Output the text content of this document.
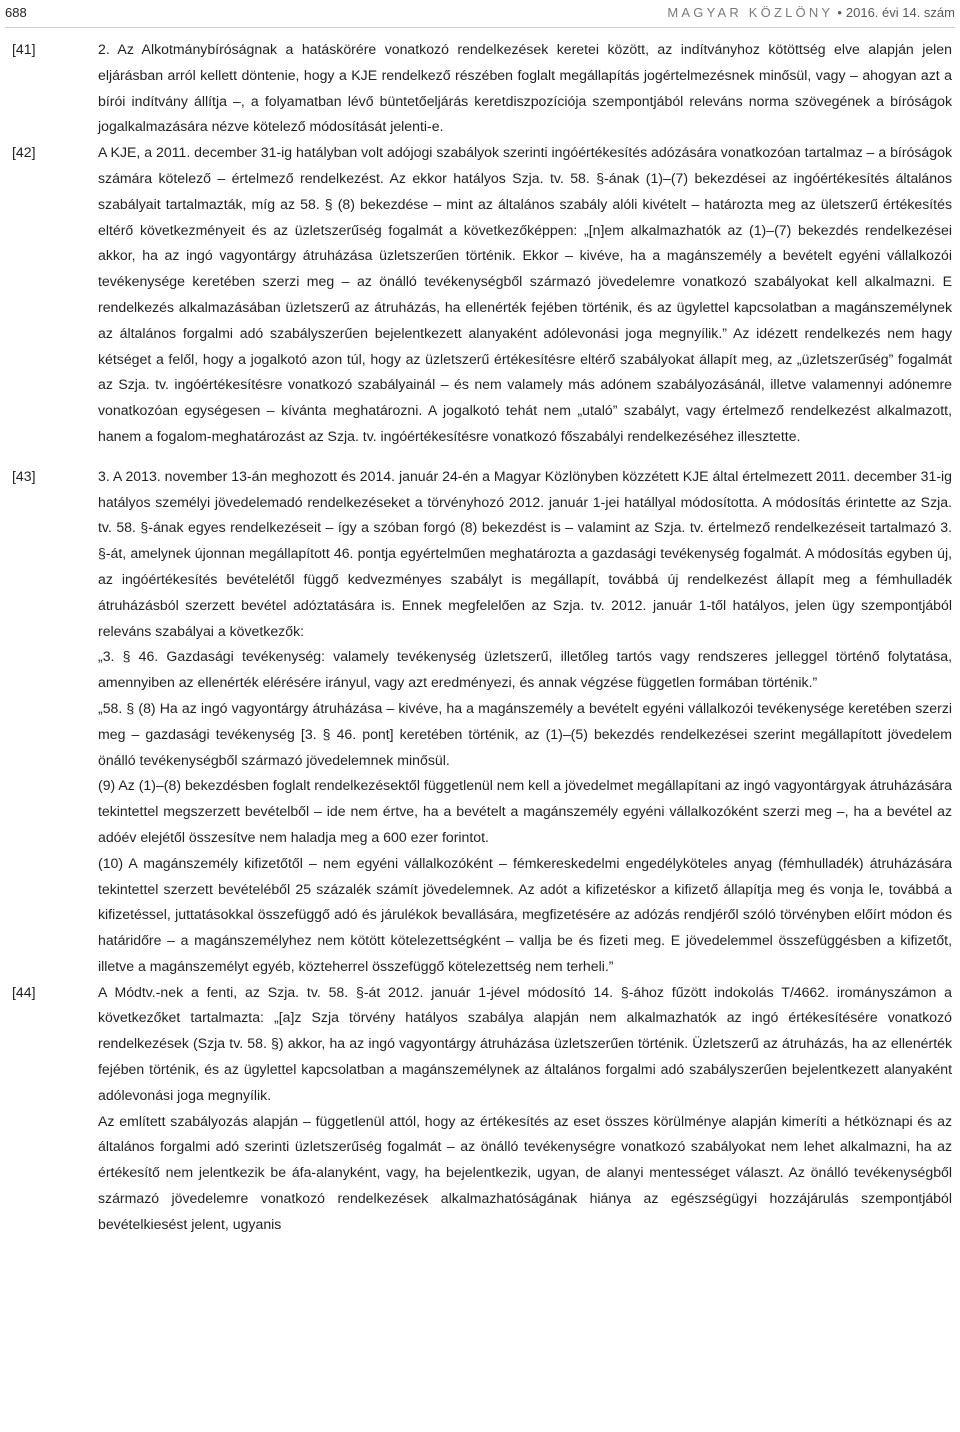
688	MAGYAR KÖZLÖNY • 2016. évi 14. szám
[41]	2. Az Alkotmánybíróságnak a hatáskörére vonatkozó rendelkezések keretei között, az indítványhoz kötöttség elve alapján jelen eljárásban arról kellett döntenie, hogy a KJE rendelkező részében foglalt megállapítás jogértelmezésnek minősül, vagy – ahogyan azt a bírói indítvány állítja –, a folyamatban lévő büntetőeljárás keretdiszpozíciója szempontjából releváns norma szövegének a bíróságok jogalkalmazására nézve kötelező módosítását jelenti-e.

[42]	A KJE, a 2011. december 31-ig hatályban volt adójogi szabályok szerinti ingóértékesítés adózására vonatkozóan tartalmaz – a bíróságok számára kötelező – értelmező rendelkezést. Az ekkor hatályos Szja. tv. 58. §-ának (1)–(7) bekezdései az ingóértékesítés általános szabályait tartalmazták, míg az 58. § (8) bekezdése – mint az általános szabály alóli kivételt – határozta meg az ületszerű értékesítés eltérő következményeit és az üzletszerűség fogalmát a következőképpen: „[n]em alkalmazhatók az (1)–(7) bekezdés rendelkezései akkor, ha az ingó vagyontárgy átruházása üzletszerűen történik. Ekkor – kivéve, ha a magánszemély a bevételt egyéni vállalkozói tevékenysége keretében szerzi meg – az önálló tevékenységből származó jövedelemre vonatkozó szabályokat kell alkalmazni. E rendelkezés alkalmazásában üzletszerű az átruházás, ha ellenérték fejében történik, és az ügylettel kapcsolatban a magánszemélynek az általános forgalmi adó szabályszerűen bejelentkezett alanyaként adólevonási joga megnyílik.” Az idézett rendelkezés nem hagy kétséget a felől, hogy a jogalkotó azon túl, hogy az üzletszerű értékesítésre eltérő szabályokat állapít meg, az „üzletszerűség” fogalmát az Szja. tv. ingóértékesítésre vonatkozó szabályainál – és nem valamely más adónem szabályozásánál, illetve valamennyi adónemre vonatkozóan egységesen – kívánta meghatározni. A jogalkotó tehát nem „utaló” szabályt, vagy értelmező rendelkezést alkalmazott, hanem a fogalom-meghatározást az Szja. tv. ingóértékesítésre vonatkozó főszabályi rendelkezéséhez illesztette.

[43]	3. A 2013. november 13-án meghozott és 2014. január 24-én a Magyar Közlönyben közzétett KJE által értelmezett 2011. december 31-ig hatályos személyi jövedelemadó rendelkezéseket a törvényhozó 2012. január 1-jei hatállyal módosította. A módosítás érintette az Szja. tv. 58. §-ának egyes rendelkezéseit – így a szóban forgó (8) bekezdést is – valamint az Szja. tv. értelmező rendelkezéseit tartalmazó 3. §-át, amelynek újonnan megállapított 46. pontja egyértelműen meghatározta a gazdasági tevékenység fogalmát. A módosítás egyben új, az ingóértékesítés bevételétől függő kedvezményes szabályt is megállapít, továbbá új rendelkezést állapít meg a fémhulladék átruházásból szerzett bevétel adóztatására is. Ennek megfelelően az Szja. tv. 2012. január 1-től hatályos, jelen ügy szempontjából releváns szabályai a következők:

„3. § 46. Gazdasági tevékenység: valamely tevékenység üzletszerű, illetőleg tartós vagy rendszeres jelleggel történő folytatása, amennyiben az ellenérték elérésére irányul, vagy azt eredményezi, és annak végzése független formában történik.”

„58. § (8) Ha az ingó vagyontárgy átruházása – kivéve, ha a magánszemély a bevételt egyéni vállalkozói tevékenysége keretében szerzi meg – gazdasági tevékenység [3. § 46. pont] keretében történik, az (1)–(5) bekezdés rendelkezései szerint megállapított jövedelem önálló tevékenységből származó jövedelemnek minősül.

(9) Az (1)–(8) bekezdésben foglalt rendelkezésektől függetlenül nem kell a jövedelmet megállapítani az ingó vagyontárgyak átruházására tekintettel megszerzett bevételből – ide nem értve, ha a bevételt a magánszemély egyéni vállalkozóként szerzi meg –, ha a bevétel az adóév elejétől összesítve nem haladja meg a 600 ezer forintot.

(10) A magánszemély kifizetőtől – nem egyéni vállalkozóként – fémkereskedelmi engedélyköteles anyag (fémhulladék) átruházására tekintettel szerzett bevételéből 25 százalék számít jövedelemnek. Az adót a kifizetéskor a kifizető állapítja meg és vonja le, továbbá a kifizetéssel, juttatásokkal összefüggő adó és járulékok bevallására, megfizetésére az adózás rendjéről szóló törvényben előírt módon és határidőre – a magánszemélyhez nem kötött kötelezettségként – vallja be és fizeti meg. E jövedelemmel összefüggésben a kifizetőt, illetve a magánszemélyt egyéb, közteherrel összefüggő kötelezettség nem terheli.”

[44]	A Módtv.-nek a fenti, az Szja. tv. 58. §-át 2012. január 1-jével módosító 14. §-ához fűzött indokolás T/4662. irományszámon a következőket tartalmazta: „[a]z Szja törvény hatályos szabálya alapján nem alkalmazhatók az ingó értékesítésére vonatkozó rendelkezések (Szja tv. 58. §) akkor, ha az ingó vagyontárgy átruházása üzletszerűen történik. Üzletszerű az átruházás, ha az ellenérték fejében történik, és az ügylettel kapcsolatban a magánszemélynek az általános forgalmi adó szabályszerűen bejelentkezett alanyaként adólevonási joga megnyílik.

Az említett szabályozás alapján – függetlenül attól, hogy az értékesítés az eset összes körülménye alapján kimeríti a hétköznapi és az általános forgalmi adó szerinti üzletszerűség fogalmát – az önálló tevékenységre vonatkozó szabályokat nem lehet alkalmazni, ha az értékesítő nem jelentkezik be áfa-alanyként, vagy, ha bejelentkezik, ugyan, de alanyi mentességet választ. Az önálló tevékenységből származó jövedelemre vonatkozó rendelkezések alkalmazhatóságának hiánya az egészségügyi hozzájárulás szempontjából bevételkiesést jelent, ugyanis
